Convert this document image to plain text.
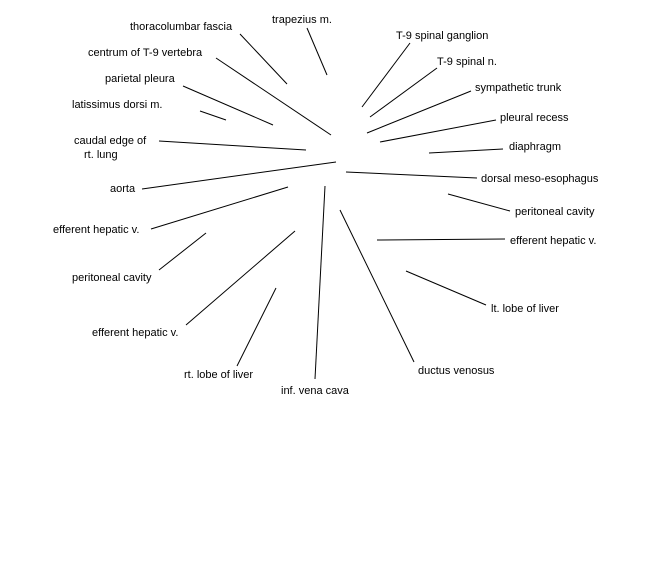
thoracolumbar fascia
trapezius m.
T-9 spinal ganglion
centrum of T-9 vertebra
T-9 spinal n.
parietal pleura
sympathetic trunk
latissimus dorsi m.
pleural recess
caudal edge of
rt. lung
diaphragm
aorta
dorsal meso-esophagus
peritoneal cavity
efferent hepatic v.
efferent hepatic v.
peritoneal cavity
lt. lobe of liver
efferent hepatic v.
ductus venosus
rt. lobe of liver
inf. vena cava
